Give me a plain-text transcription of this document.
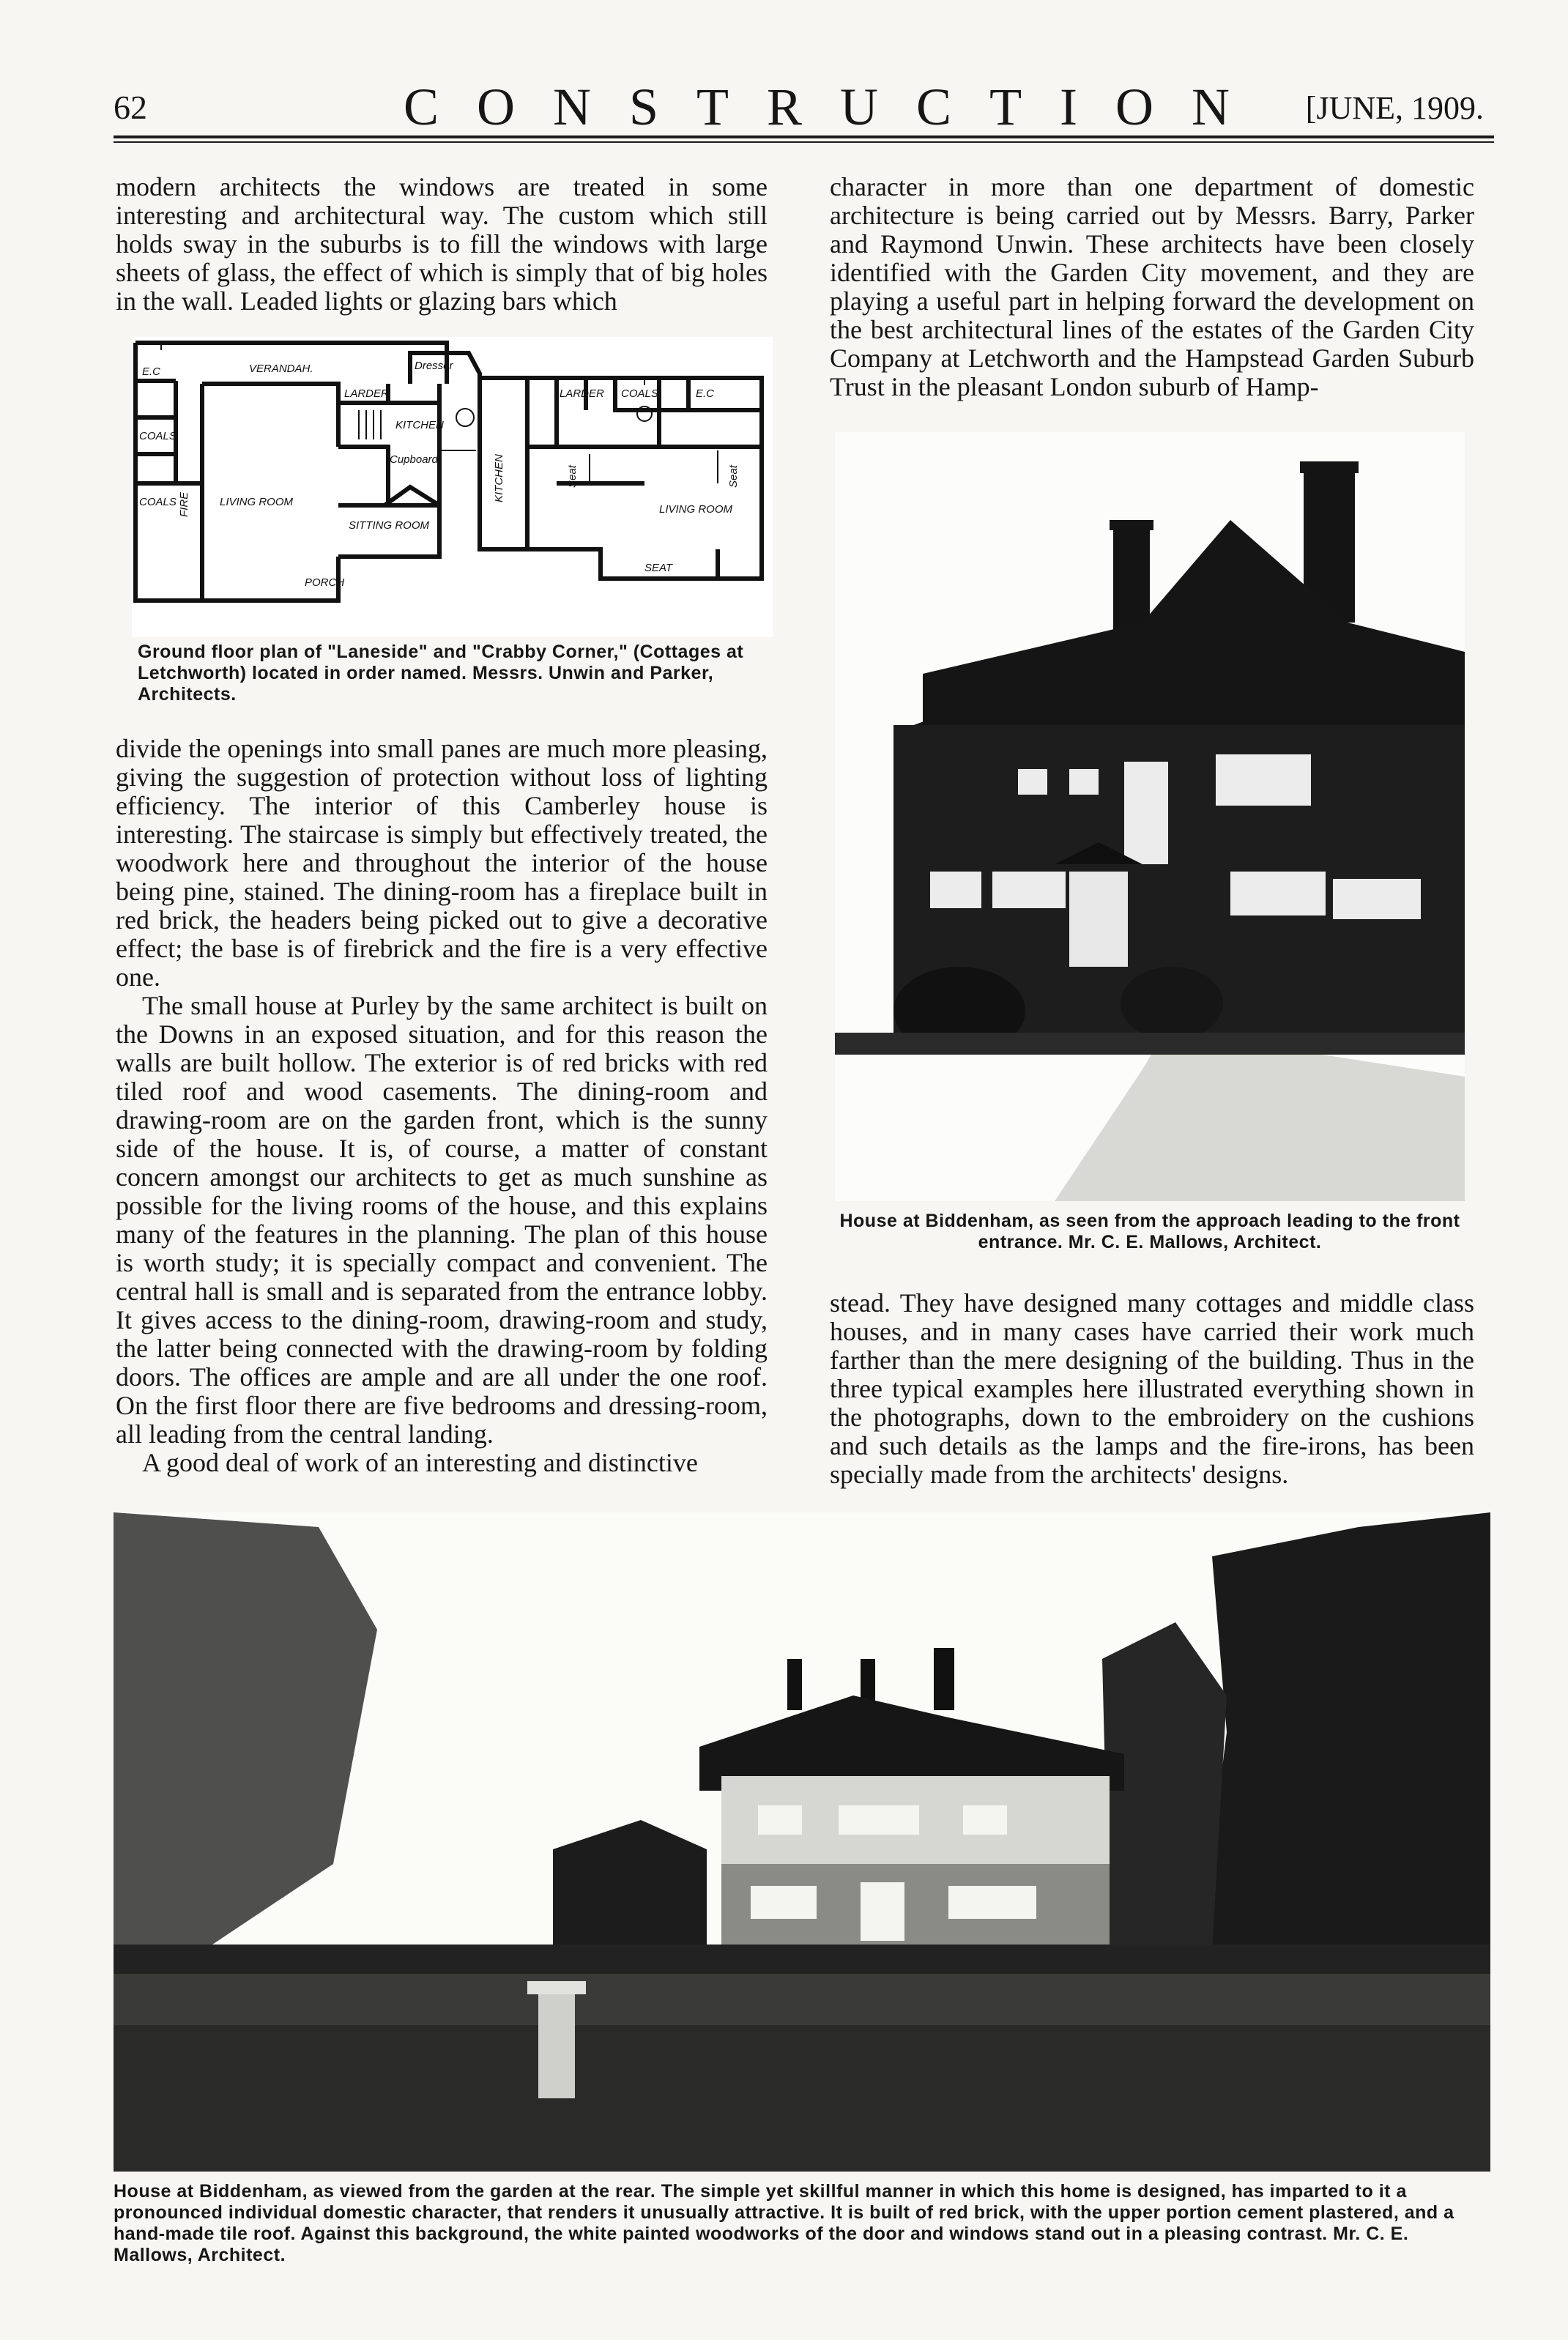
62	CONSTRUCTION	[JUNE, 1909.

modern architects the windows are treated in some interesting and architectural way. The custom which still holds sway in the suburbs is to fill the windows with large sheets of glass, the effect of which is simply that of big holes in the wall. Leaded lights or glazing bars which

VERANDAH.
E.C
COALS
COALS FIRE	LIVING ROOM
LARDER
KITCHEN
Cupboard
Dresser
SITTING ROOM
PORCH
KITCHEN
LARDER COALS	E.C
Seat	Seat
LIVING ROOM
SEAT
Ground floor plan of "Laneside" and "Crabby Corner," (Cottages at Letchworth) located in order named. Messrs. Unwin and Parker, Architects.

divide the openings into small panes are much more pleasing, giving the suggestion of protection without loss of lighting efficiency. The interior of this Camberley house is interesting. The staircase is simply but effectively treated, the woodwork here and throughout the interior of the house being pine, stained. The dining-room has a fireplace built in red brick, the headers being picked out to give a decorative effect; the base is of firebrick and the fire is a very effective one.

The small house at Purley by the same architect is built on the Downs in an exposed situation, and for this reason the walls are built hollow. The exterior is of red bricks with red tiled roof and wood casements. The dining-room and drawing-room are on the garden front, which is the sunny side of the house. It is, of course, a matter of constant concern amongst our architects to get as much sunshine as possible for the living rooms of the house, and this explains many of the features in the planning. The plan of this house is worth study; it is specially compact and convenient. The central hall is small and is separated from the entrance lobby. It gives access to the dining-room, drawing-room and study, the latter being connected with the drawing-room by folding doors. The offices are ample and are all under the one roof. On the first floor there are five bedrooms and dressing-room, all leading from the central landing.

A good deal of work of an interesting and distinctive

character in more than one department of domestic architecture is being carried out by Messrs. Barry, Parker and Raymond Unwin. These architects have been closely identified with the Garden City movement, and they are playing a useful part in helping forward the development on the best architectural lines of the estates of the Garden City Company at Letchworth and the Hampstead Garden Suburb Trust in the pleasant London suburb of Hamp-

House at Biddenham, as seen from the approach leading to the front entrance. Mr. C. E. Mallows, Architect.

stead. They have designed many cottages and middle class houses, and in many cases have carried their work much farther than the mere designing of the building. Thus in the three typical examples here illustrated everything shown in the photographs, down to the embroidery on the cushions and such details as the lamps and the fire-irons, has been specially made from the architects' designs.

House at Biddenham, as viewed from the garden at the rear. The simple yet skillful manner in which this home is designed, has imparted to it a pronounced individual domestic character, that renders it unusually attractive. It is built of red brick, with the upper portion cement plastered, and a hand-made tile roof. Against this background, the white painted woodworks of the door and windows stand out in a pleasing contrast. Mr. C. E. Mallows, Architect.
